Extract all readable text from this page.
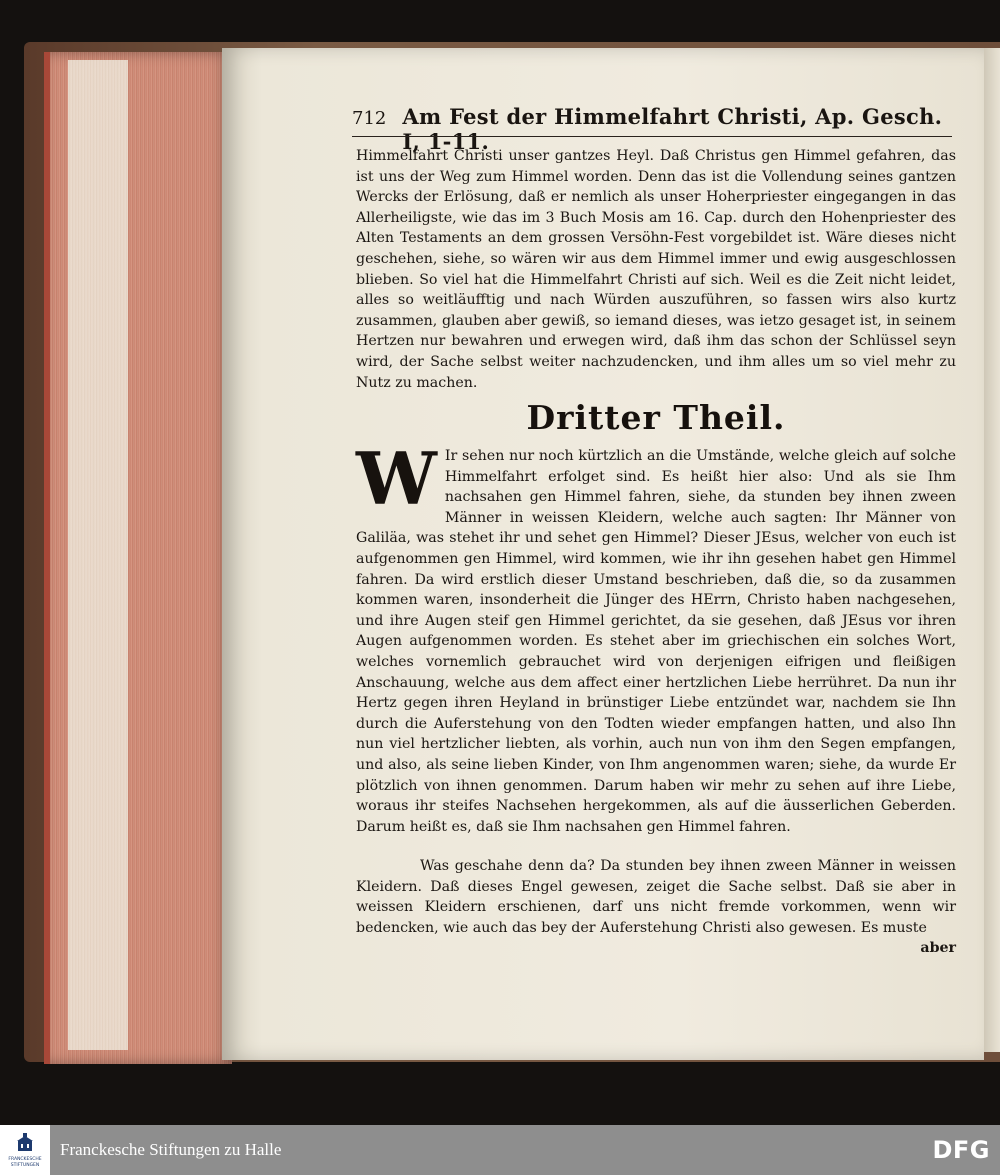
712 Am Fest der Himmelfahrt Christi, Ap. Gesch. I, 1-11.

Himmelfahrt Christi unser gantzes Heyl. Daß Christus gen Himmel gefahren, das ist uns der Weg zum Himmel worden. Denn das ist die Vollendung seines gantzen Wercks der Erlösung, daß er nemlich als unser Hoherpriester eingegangen in das Allerheiligste, wie das im 3 Buch Mosis am 16. Cap. durch den Hohenpriester des Alten Testaments an dem grossen Versöhn-Fest vorgebildet ist. Wäre dieses nicht geschehen, siehe, so wären wir aus dem Himmel immer und ewig ausgeschlossen blieben. So viel hat die Himmelfahrt Christi auf sich. Weil es die Zeit nicht leidet, alles so weitläufftig und nach Würden auszuführen, so fassen wirs also kurtz zusammen, glauben aber gewiß, so iemand dieses, was ietzo gesaget ist, in seinem Hertzen nur bewahren und erwegen wird, daß ihm das schon der Schlüssel seyn wird, der Sache selbst weiter nachzudencken, und ihm alles um so viel mehr zu Nutz zu machen.

Dritter Theil.

W Ir sehen nur noch kürtzlich an die Umstände, welche gleich auf solche Himmelfahrt erfolget sind. Es heißt hier also: Und als sie Ihm nachsahen gen Himmel fahren, siehe, da stunden bey ihnen zween Männer in weissen Kleidern, welche auch sagten: Ihr Männer von Galiläa, was stehet ihr und sehet gen Himmel? Dieser JEsus, welcher von euch ist aufgenommen gen Himmel, wird kommen, wie ihr ihn gesehen habet gen Himmel fahren. Da wird erstlich dieser Umstand beschrieben, daß die, so da zusammen kommen waren, insonderheit die Jünger des HErrn, Christo haben nachgesehen, und ihre Augen steif gen Himmel gerichtet, da sie gesehen, daß JEsus vor ihren Augen aufgenommen worden. Es stehet aber im griechischen ein solches Wort, welches vornemlich gebrauchet wird von derjenigen eifrigen und fleißigen Anschauung, welche aus dem affect einer hertzlichen Liebe herrühret. Da nun ihr Hertz gegen ihren Heyland in brünstiger Liebe entzündet war, nachdem sie Ihn durch die Auferstehung von den Todten wieder empfangen hatten, und also Ihn nun viel hertzlicher liebten, als vorhin, auch nun von ihm den Segen empfangen, und also, als seine lieben Kinder, von Ihm angenommen waren; siehe, da wurde Er plötzlich von ihnen genommen. Darum haben wir mehr zu sehen auf ihre Liebe, woraus ihr steifes Nachsehen hergekommen, als auf die äusserlichen Geberden. Darum heißt es, daß sie Ihm nachsahen gen Himmel fahren.

Was geschahe denn da? Da stunden bey ihnen zween Männer in weissen Kleidern. Daß dieses Engel gewesen, zeiget die Sache selbst. Daß sie aber in weissen Kleidern erschienen, darf uns nicht fremde vorkommen, wenn wir bedencken, wie auch das bey der Auferstehung Christi also gewesen. Es muste

aber
FRANCKESCHE STIFTUNGEN
Franckesche Stiftungen zu Halle	DFG
